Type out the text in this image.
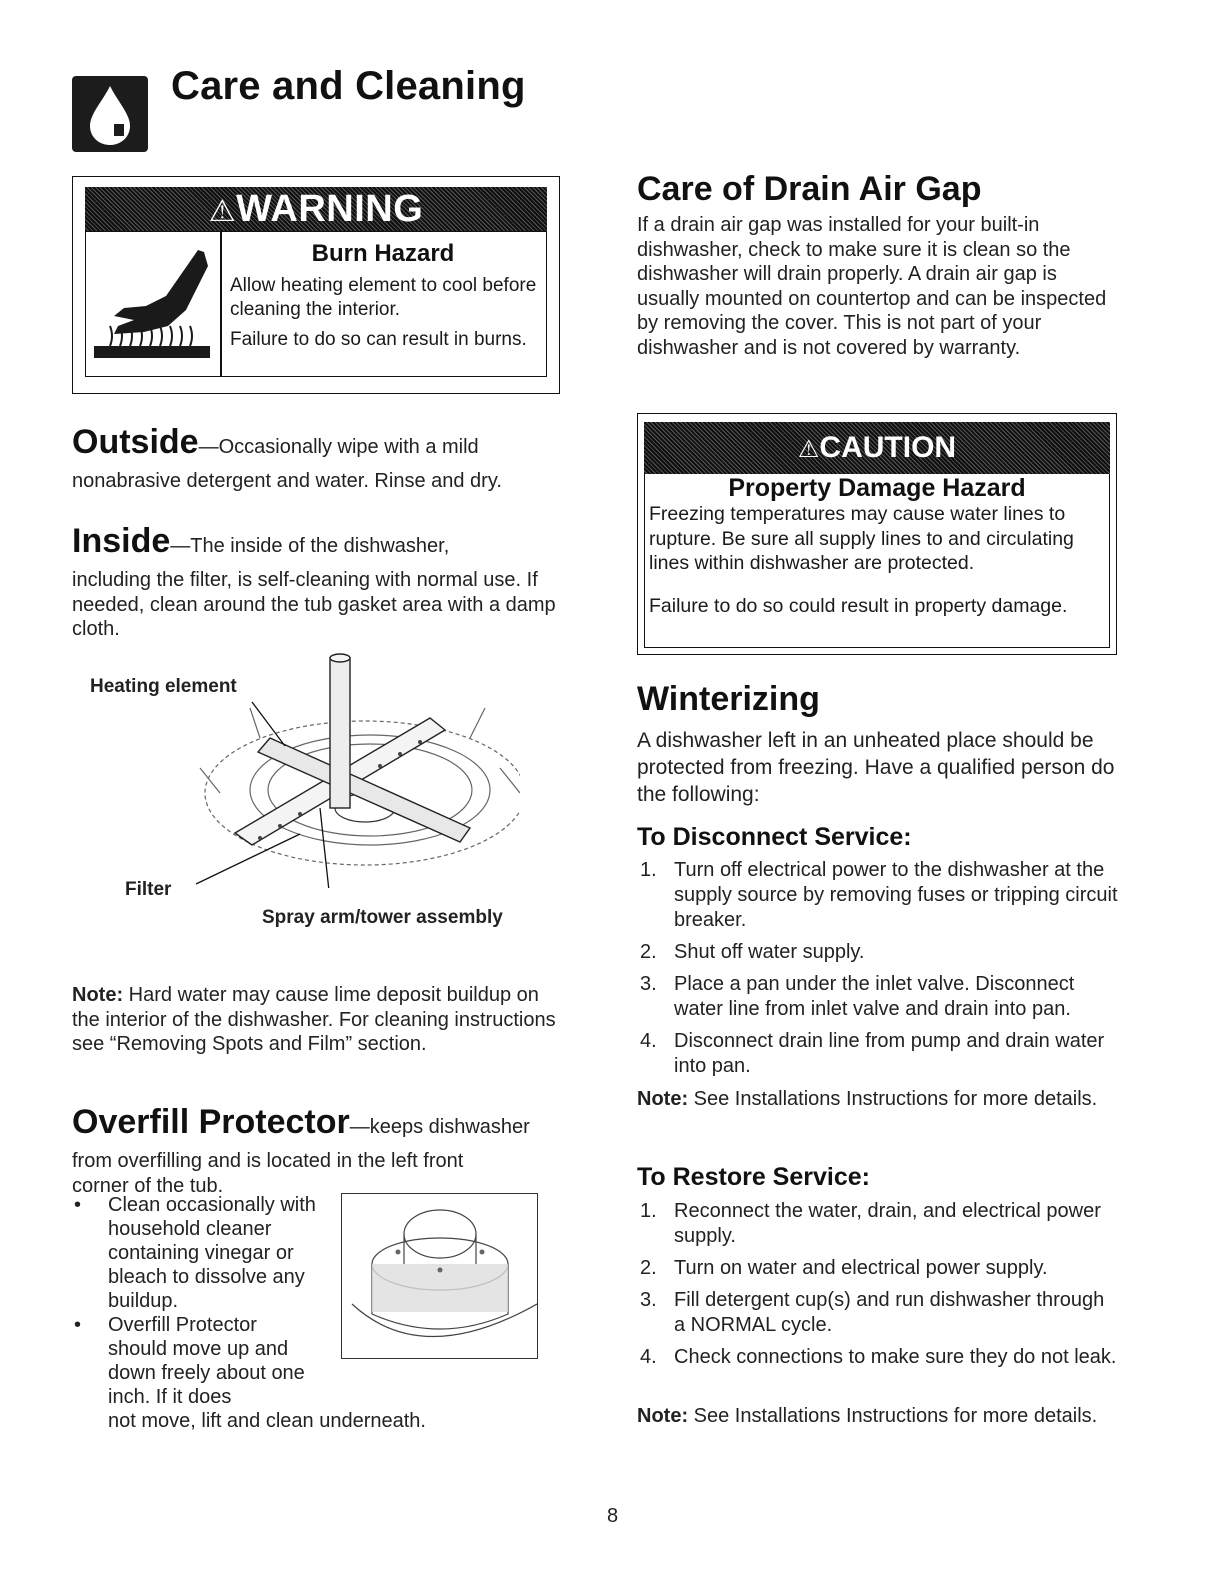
Care and Cleaning
⚠WARNING
Burn Hazard
Allow heating element to cool before cleaning the interior.
Failure to do so can result in burns.
Outside—Occasionally wipe with a mild
nonabrasive detergent and water. Rinse and dry.
Inside—The inside of the dishwasher,
including the filter, is self-cleaning with normal use. If needed, clean around the tub gasket area with a damp cloth.
Heating element
Filter
Spray arm/tower assembly
Note: Hard water may cause lime deposit buildup on the interior of the dishwasher. For cleaning instructions see “Removing Spots and Film” section.
Overfill Protector—keeps dishwasher
from overfilling and is located in the left front corner of the tub.
• Clean occasionally with household cleaner containing vinegar or bleach to dissolve any buildup.
• Overfill Protector should move up and down freely about one inch. If it does
not move, lift and clean underneath.
Care of Drain Air Gap
If a drain air gap was installed for your built-in dishwasher, check to make sure it is clean so the dishwasher will drain properly. A drain air gap is usually mounted on countertop and can be inspected by removing the cover. This is not part of your dishwasher and is not covered by warranty.
⚠CAUTION
Property Damage Hazard
Freezing temperatures may cause water lines to rupture. Be sure all supply lines to and circulating lines within dishwasher are protected.
Failure to do so could result in property damage.
Winterizing
A dishwasher left in an unheated place should be protected from freezing. Have a qualified person do the following:
To Disconnect Service:
1. Turn off electrical power to the dishwasher at the supply source by removing fuses or tripping circuit breaker.
2. Shut off water supply.
3. Place a pan under the inlet valve. Disconnect water line from inlet valve and drain into pan.
4. Disconnect drain line from pump and drain water into pan.
Note: See Installations Instructions for more details.
To Restore Service:
1. Reconnect the water, drain, and electrical power supply.
2. Turn on water and electrical power supply.
3. Fill detergent cup(s) and run dishwasher through a NORMAL cycle.
4. Check connections to make sure they do not leak.
Note: See Installations Instructions for more details.
8
